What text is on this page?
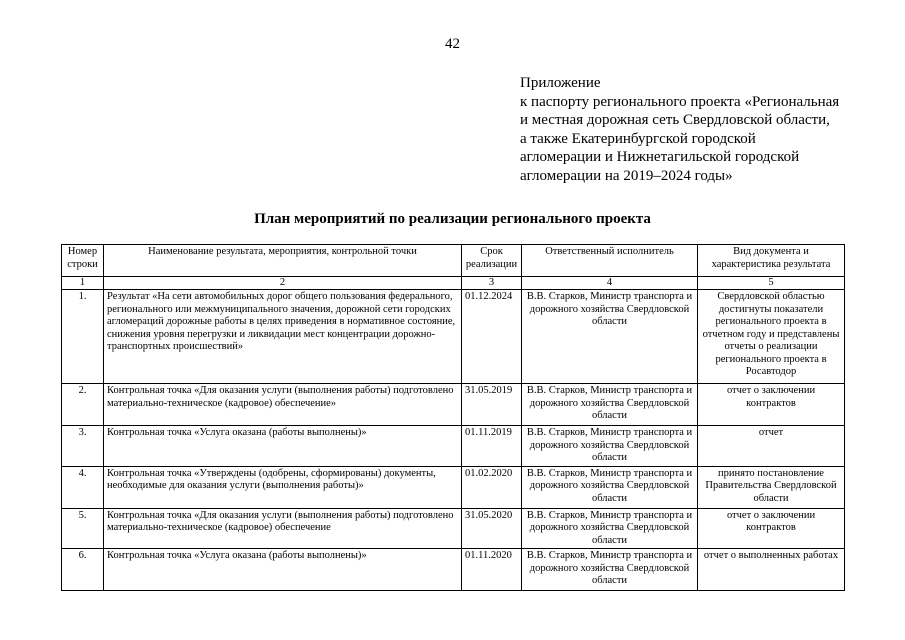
42
Приложение
к паспорту регионального проекта «Региональная
и местная дорожная сеть Свердловской области,
а также Екатеринбургской городской
агломерации и Нижнетагильской городской
агломерации на 2019–2024 годы»
План мероприятий по реализации регионального проекта
Номер строки	Наименование результата, мероприятия, контрольной точки	Срок реализации	Ответственный исполнитель	Вид документа и характеристика результата
1	2	3	4	5
1.	Результат «На сети автомобильных дорог общего пользования федерального, регионального или межмуниципального значения, дорожной сети городских агломераций дорожные работы в целях приведения в нормативное состояние, снижения уровня перегрузки и ликвидации мест концентрации дорожно-транспортных происшествий»	01.12.2024	В.В. Старков, Министр транспорта и дорожного хозяйства Свердловской области	Свердловской областью достигнуты показатели регионального проекта в отчетном году и представлены отчеты о реализации регионального проекта в Росавтодор
2.	Контрольная точка «Для оказания услуги (выполнения работы) подготовлено материально-техническое (кадровое) обеспечение»	31.05.2019	В.В. Старков, Министр транспорта и дорожного хозяйства Свердловской области	отчет о заключении контрактов
3.	Контрольная точка «Услуга оказана (работы выполнены)»	01.11.2019	В.В. Старков, Министр транспорта и дорожного хозяйства Свердловской области	отчет
4.	Контрольная точка «Утверждены (одобрены, сформированы) документы, необходимые для оказания услуги (выполнения работы)»	01.02.2020	В.В. Старков, Министр транспорта и дорожного хозяйства Свердловской области	принято постановление Правительства Свердловской области
5.	Контрольная точка «Для оказания услуги (выполнения работы) подготовлено материально-техническое (кадровое) обеспечение	31.05.2020	В.В. Старков, Министр транспорта и дорожного хозяйства Свердловской области	отчет о заключении контрактов
6.	Контрольная точка «Услуга оказана (работы выполнены)»	01.11.2020	В.В. Старков, Министр транспорта и дорожного хозяйства Свердловской области	отчет о выполненных работах
